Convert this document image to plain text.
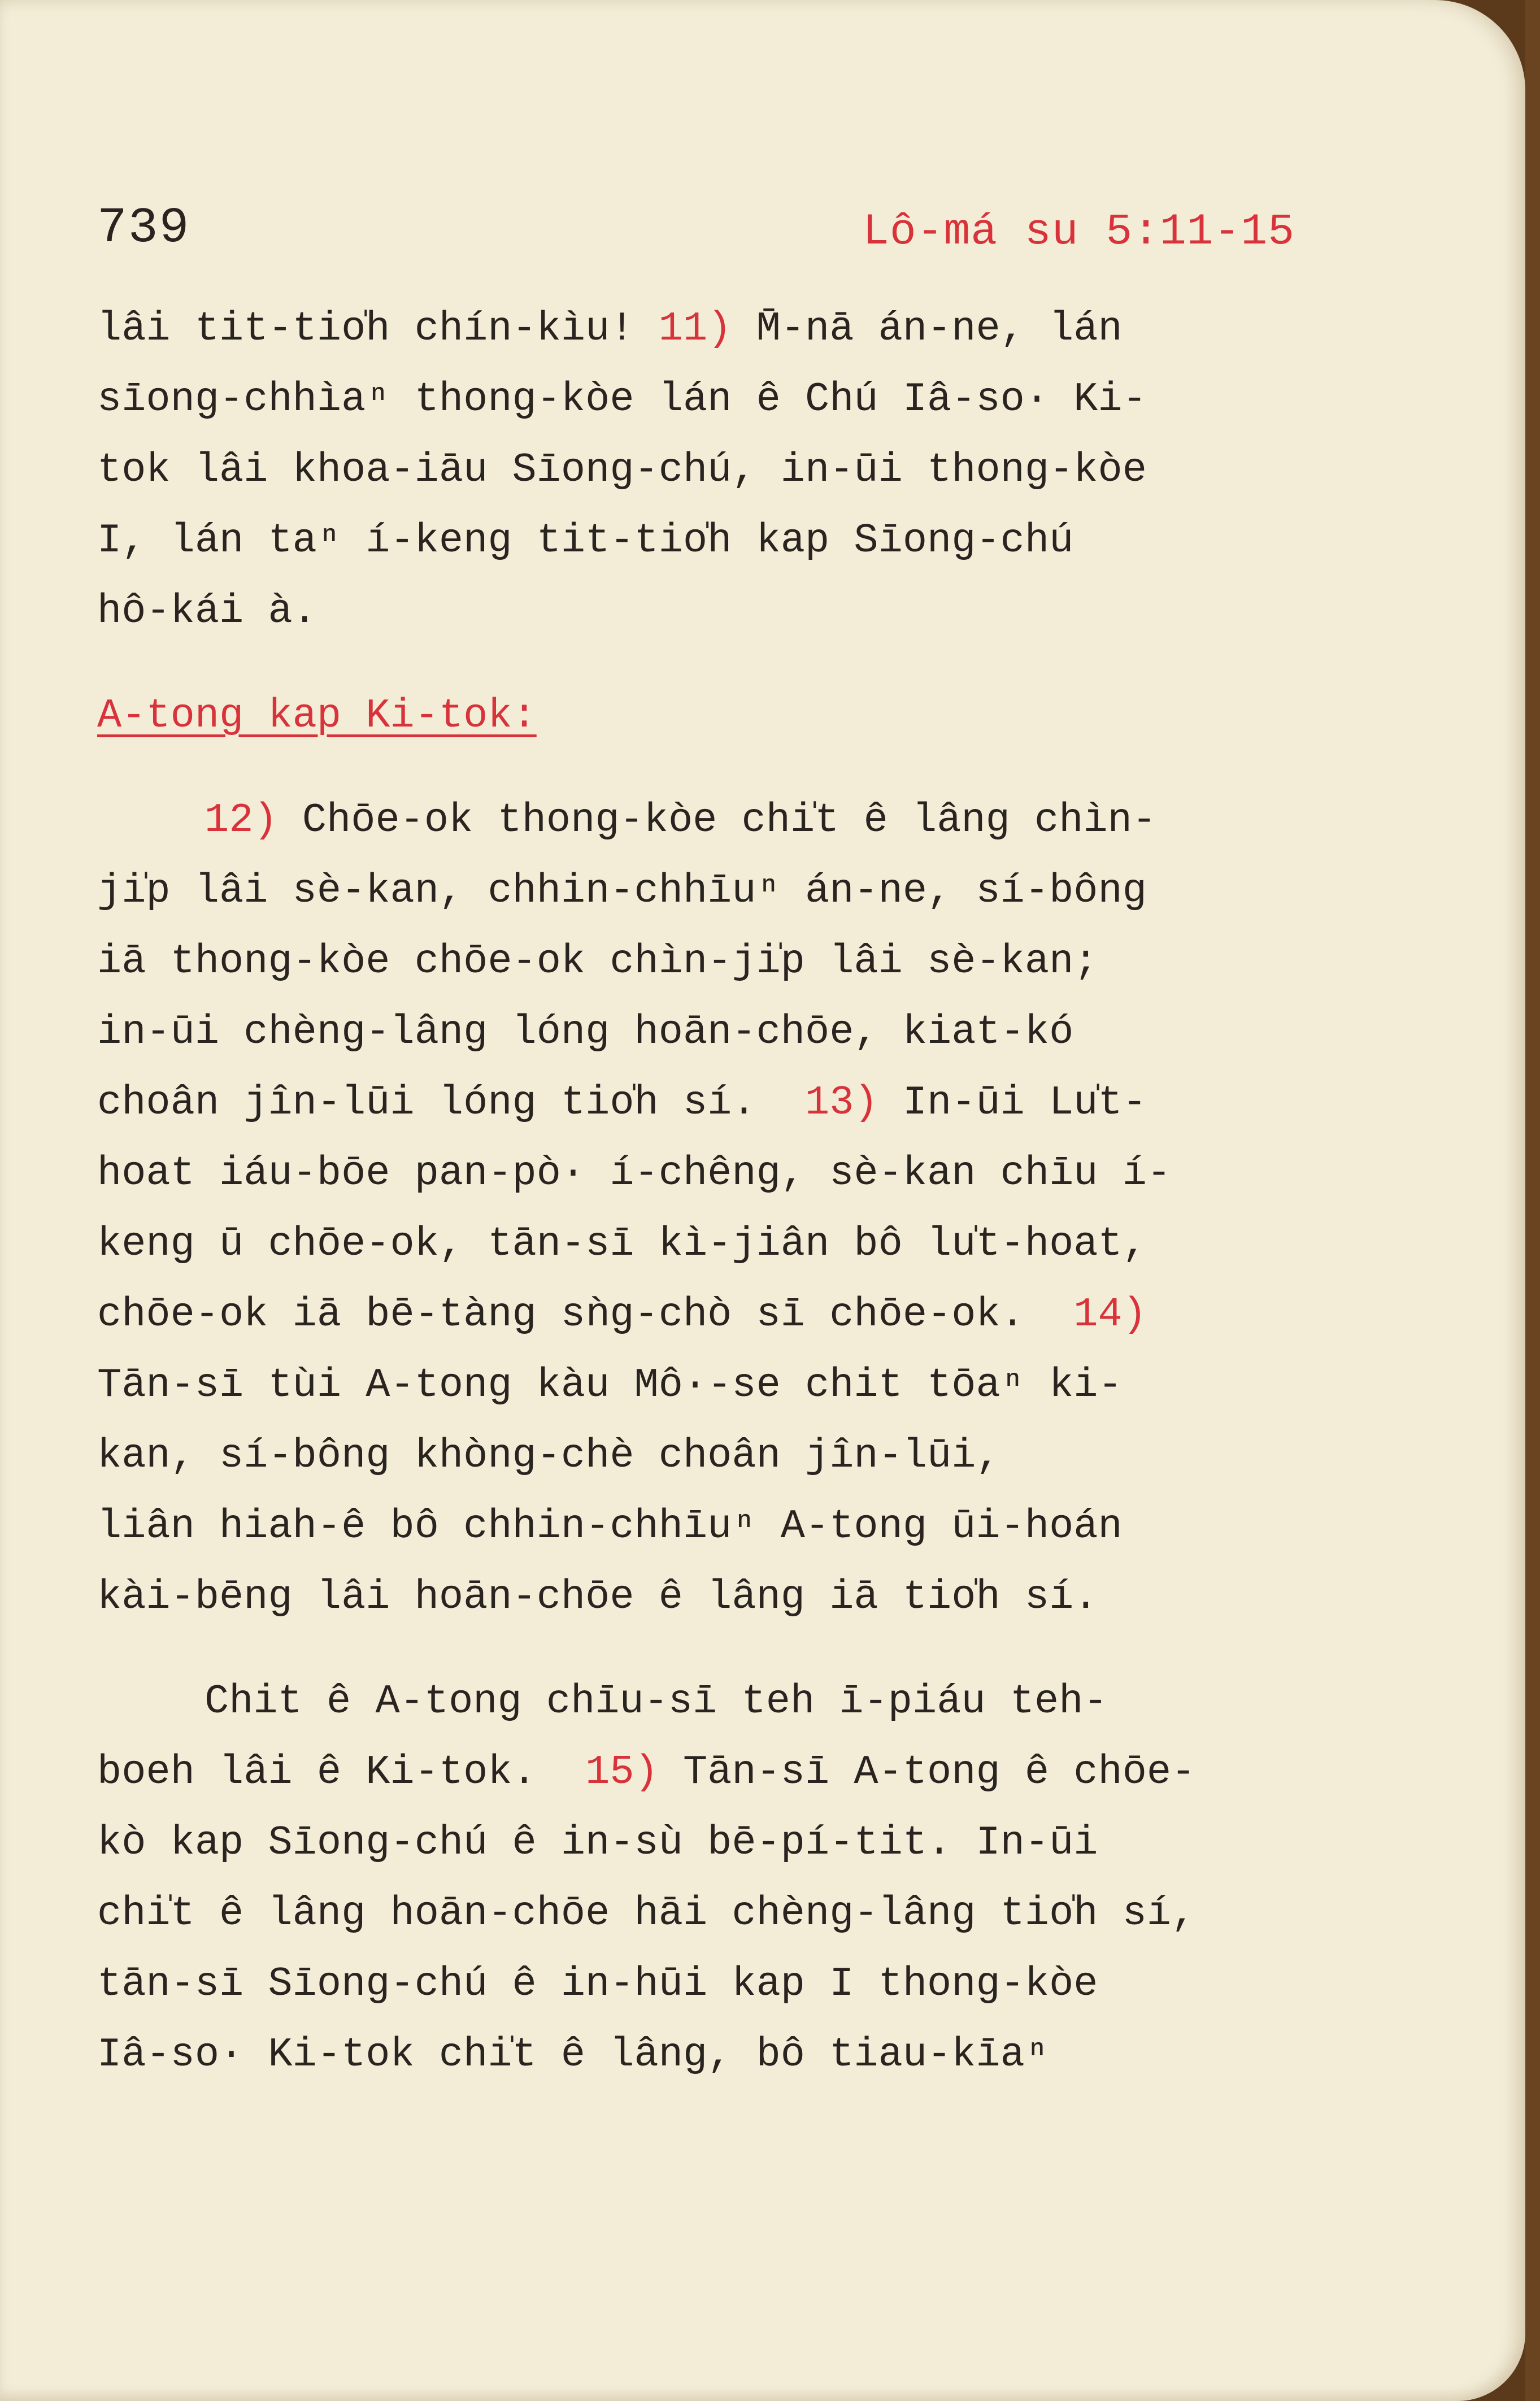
739	Lô-má su 5:11-15
lâi tit-tio̍h chín-kìu! 11) M̄-nā án-ne, lán
sīong-chhìaⁿ thong-kòe lán ê Chú Iâ-so· Ki-
tok lâi khoa-iāu Sīong-chú, in-ūi thong-kòe
I, lán taⁿ í-keng tit-tio̍h kap Sīong-chú
hô-kái à.
A-tong kap Ki-tok:
12) Chōe-ok thong-kòe chi̍t ê lâng chìn-
ji̍p lâi sè-kan, chhin-chhīuⁿ án-ne, sí-bông
iā thong-kòe chōe-ok chìn-ji̍p lâi sè-kan;
in-ūi chèng-lâng lóng hoān-chōe, kiat-kó
choân jîn-lūi lóng tio̍h sí.  13) In-ūi Lu̍t-
hoat iáu-bōe pan-pò· í-chêng, sè-kan chīu í-
keng ū chōe-ok, tān-sī kì-jiân bô lu̍t-hoat,
chōe-ok iā bē-tàng sǹg-chò sī chōe-ok.  14)
Tān-sī tùi A-tong kàu Mô·-se chit tōaⁿ ki-
kan, sí-bông khòng-chè choân jîn-lūi,
liân hiah-ê bô chhin-chhīuⁿ A-tong ūi-hoán
kài-bēng lâi hoān-chōe ê lâng iā tio̍h sí.
Chit ê A-tong chīu-sī teh ī-piáu teh-
boeh lâi ê Ki-tok.  15) Tān-sī A-tong ê chōe-
kò kap Sīong-chú ê in-sù bē-pí-tit. In-ūi
chi̍t ê lâng hoān-chōe hāi chèng-lâng tio̍h sí,
tān-sī Sīong-chú ê in-hūi kap I thong-kòe
Iâ-so· Ki-tok chi̍t ê lâng, bô tiau-kīaⁿ
